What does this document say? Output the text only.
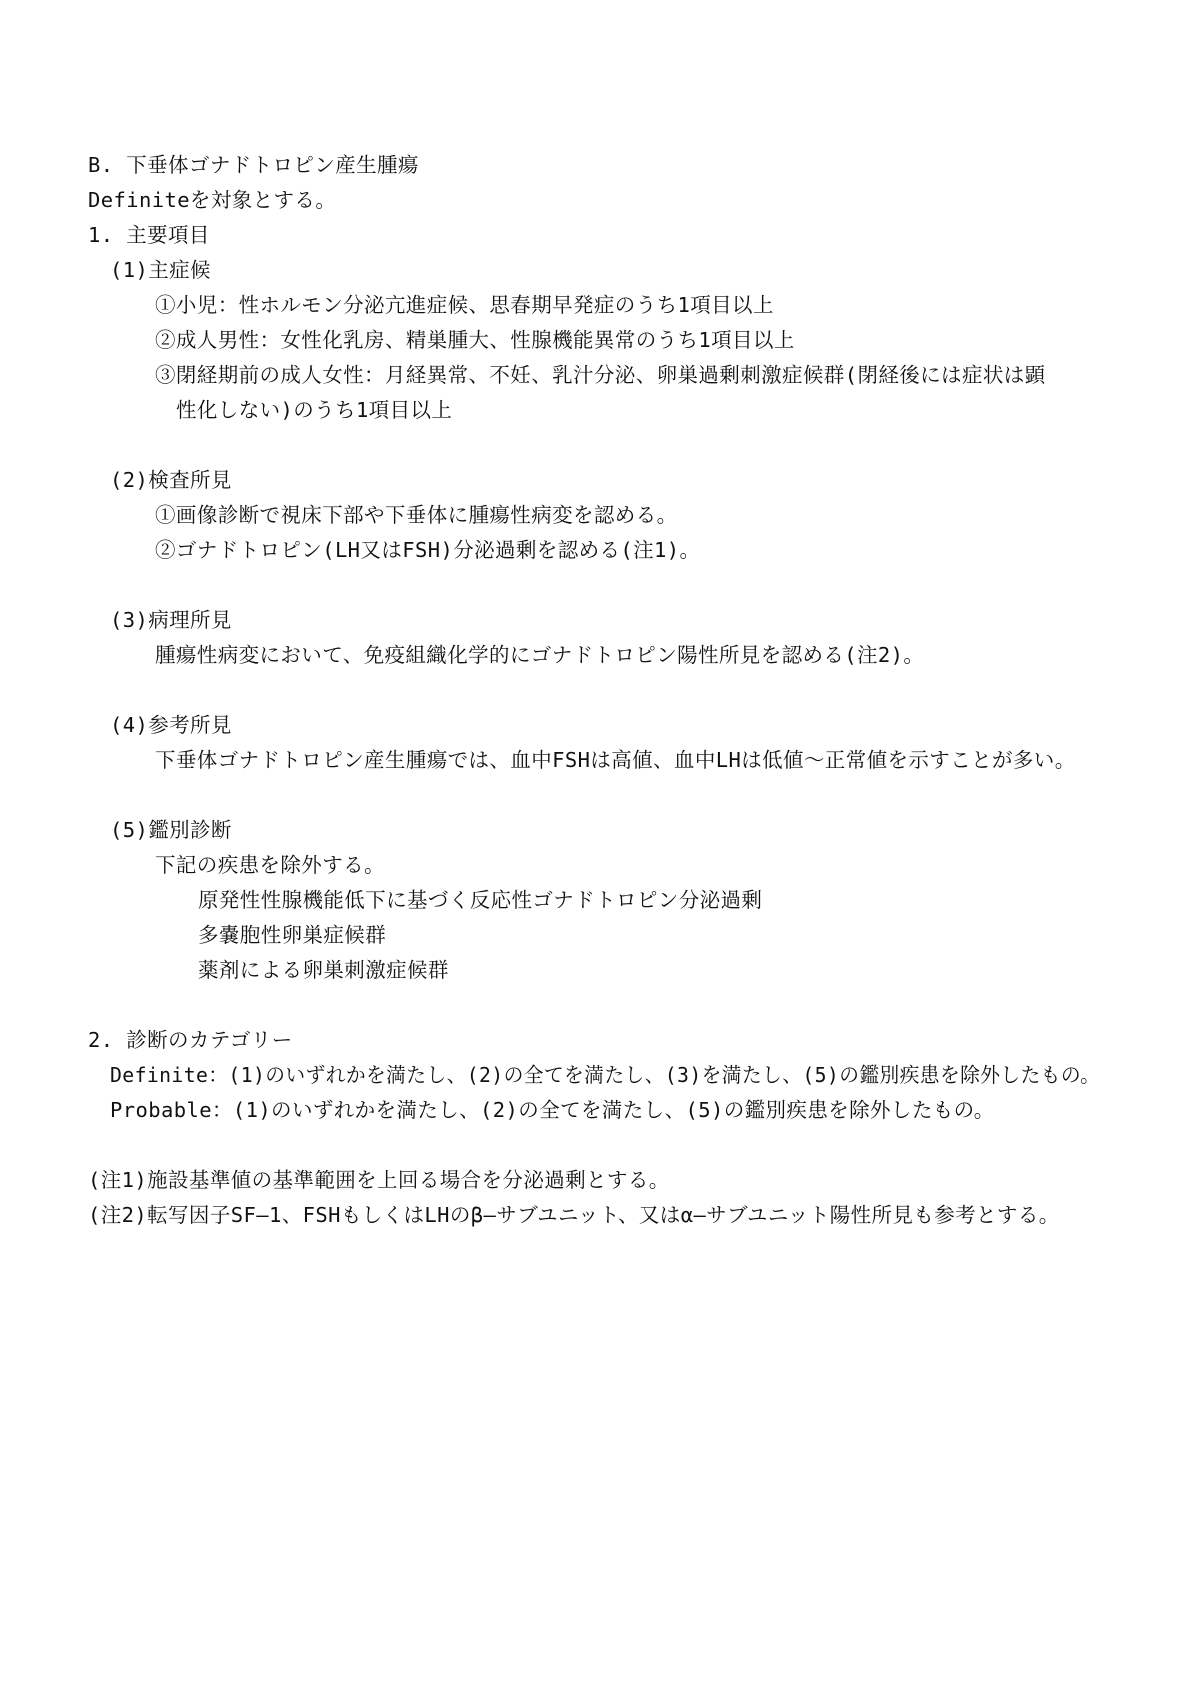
B. 下垂体ゴナドトロピン産生腫瘍
Definiteを対象とする。
1. 主要項目
(1)主症候
①小児：性ホルモン分泌亢進症候、思春期早発症のうち1項目以上
②成人男性：女性化乳房、精巣腫大、性腺機能異常のうち1項目以上
③閉経期前の成人女性：月経異常、不妊、乳汁分泌、卵巣過剰刺激症候群(閉経後には症状は顕
性化しない)のうち1項目以上
(2)検査所見
①画像診断で視床下部や下垂体に腫瘍性病変を認める。
②ゴナドトロピン(LH又はFSH)分泌過剰を認める(注1)。
(3)病理所見
腫瘍性病変において、免疫組織化学的にゴナドトロピン陽性所見を認める(注2)。
(4)参考所見
下垂体ゴナドトロピン産生腫瘍では、血中FSHは高値、血中LHは低値～正常値を示すことが多い。
(5)鑑別診断
下記の疾患を除外する。
原発性性腺機能低下に基づく反応性ゴナドトロピン分泌過剰
多嚢胞性卵巣症候群
薬剤による卵巣刺激症候群
2. 診断のカテゴリー
Definite：(1)のいずれかを満たし、(2)の全てを満たし、(3)を満たし、(5)の鑑別疾患を除外したもの。
Probable：(1)のいずれかを満たし、(2)の全てを満たし、(5)の鑑別疾患を除外したもの。
(注1)施設基準値の基準範囲を上回る場合を分泌過剰とする。
(注2)転写因子SF—1、FSHもしくはLHのβ—サブユニット、又はα—サブユニット陽性所見も参考とする。
